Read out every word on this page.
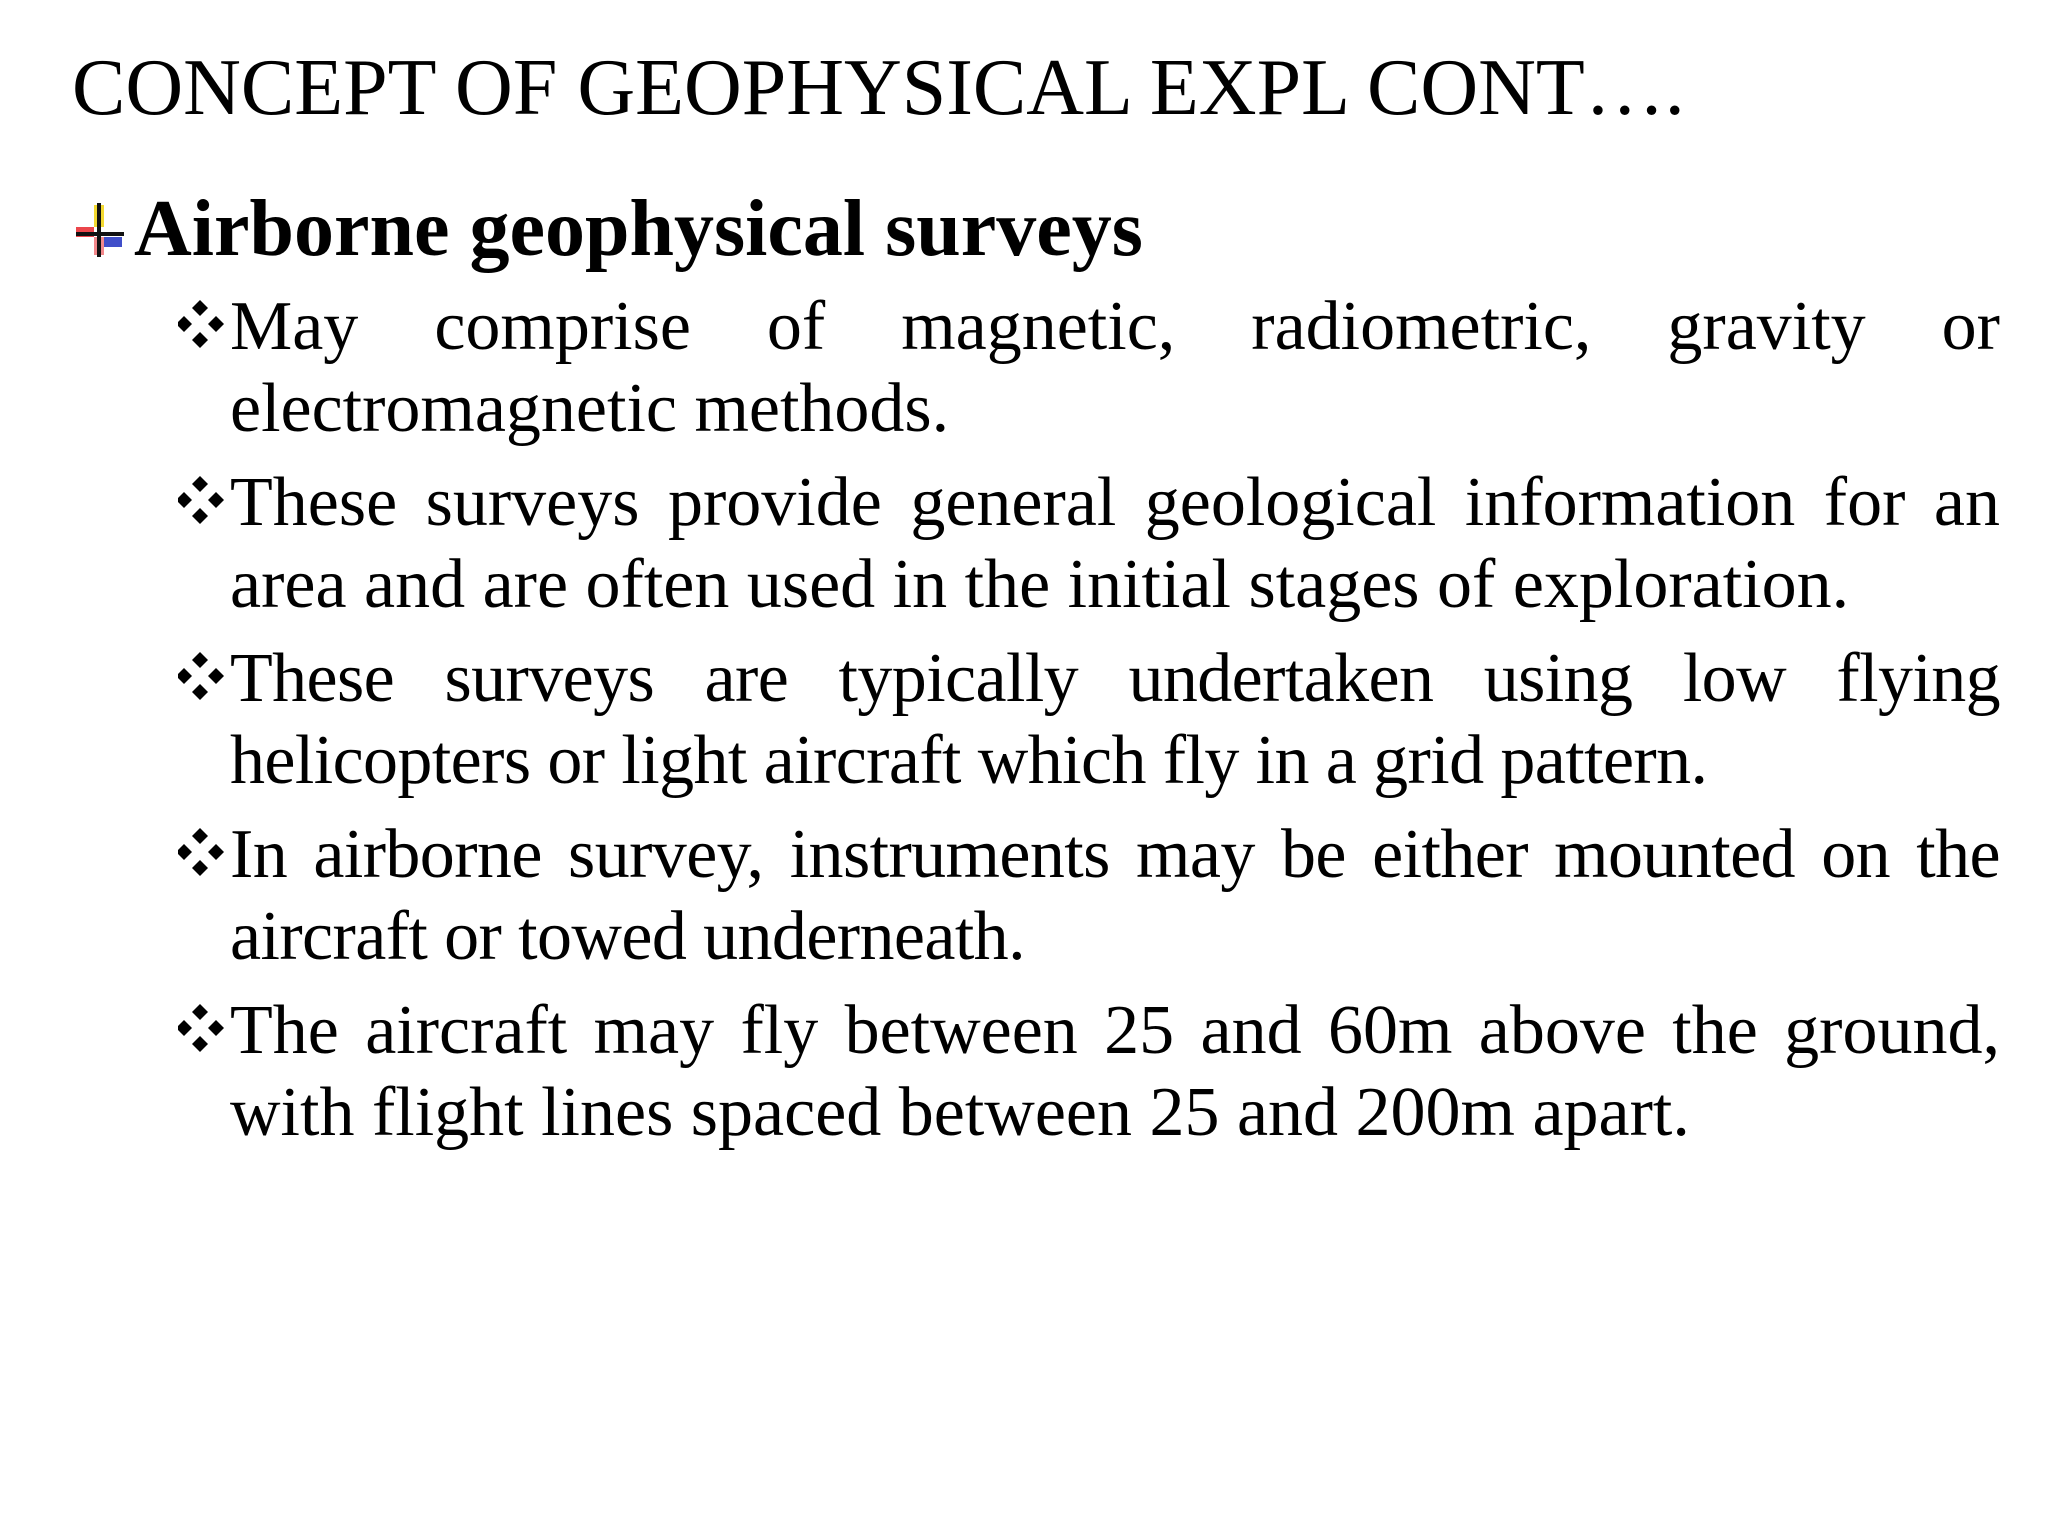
CONCEPT OF GEOPHYSICAL EXPL CONT….
Airborne geophysical surveys
May comprise of magnetic, radiometric, gravity or electromagnetic methods.
These surveys provide general geological information for an area and are often used in the initial stages of exploration.
These surveys are typically undertaken using low flying helicopters or light aircraft which fly in a grid pattern.
In airborne survey, instruments may be either mounted on the aircraft or towed underneath.
The aircraft may fly between 25 and 60m above the ground, with flight lines spaced between 25 and 200m apart.
